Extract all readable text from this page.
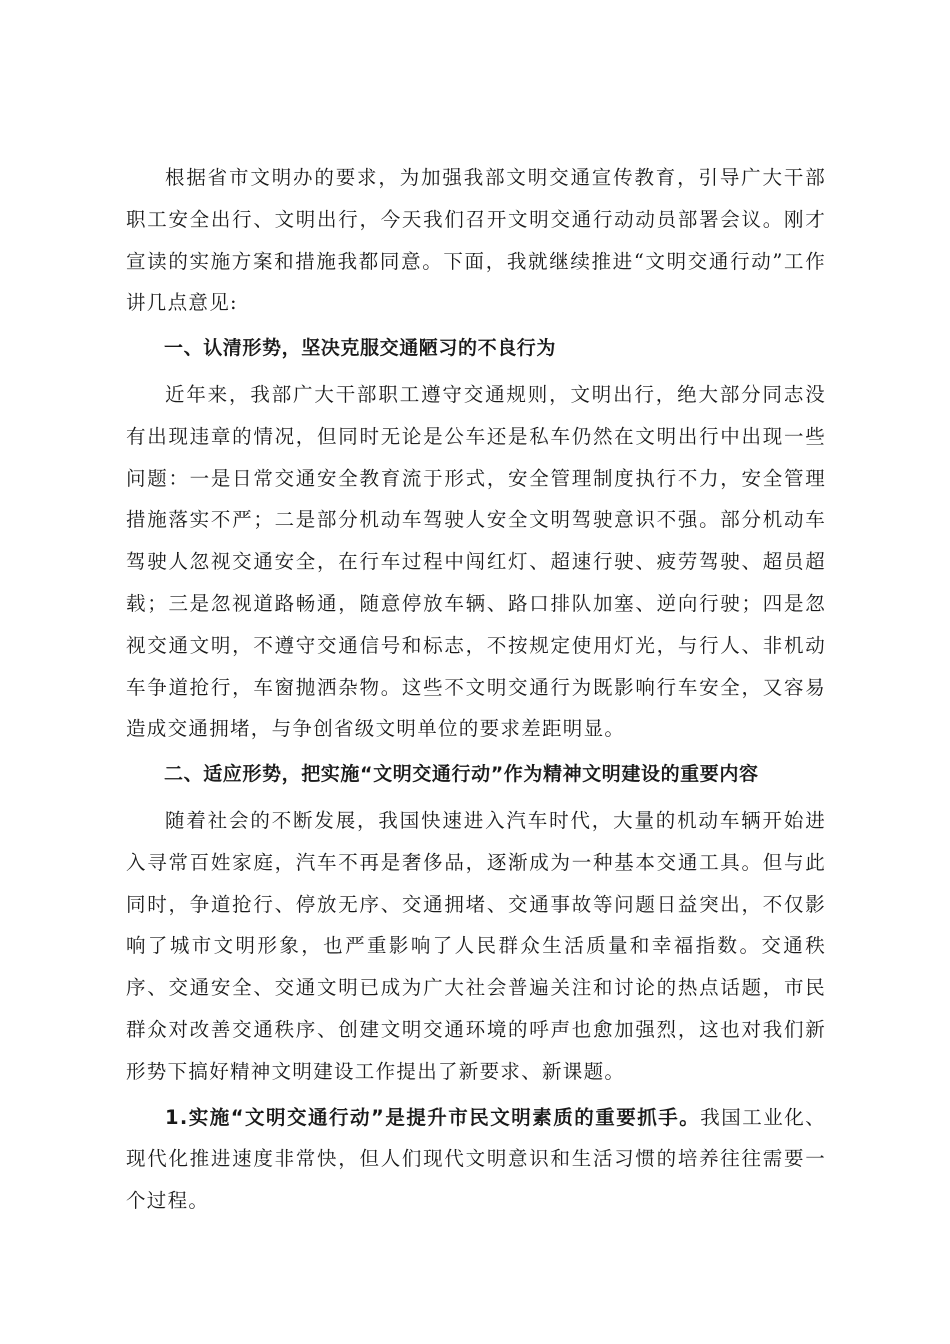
根据省市文明办的要求，为加强我部文明交通宣传教育，引导广大干部职工安全出行、文明出行，今天我们召开文明交通行动动员部署会议。刚才宣读的实施方案和措施我都同意。下面，我就继续推进“文明交通行动”工作讲几点意见:

一、认清形势，坚决克服交通陋习的不良行为

近年来，我部广大干部职工遵守交通规则，文明出行，绝大部分同志没有出现违章的情况，但同时无论是公车还是私车仍然在文明出行中出现一些问题：一是日常交通安全教育流于形式，安全管理制度执行不力，安全管理措施落实不严；二是部分机动车驾驶人安全文明驾驶意识不强。部分机动车驾驶人忽视交通安全，在行车过程中闯红灯、超速行驶、疲劳驾驶、超员超载；三是忽视道路畅通，随意停放车辆、路口排队加塞、逆向行驶；四是忽视交通文明，不遵守交通信号和标志，不按规定使用灯光，与行人、非机动车争道抢行，车窗抛洒杂物。这些不文明交通行为既影响行车安全，又容易造成交通拥堵，与争创省级文明单位的要求差距明显。

二、适应形势，把实施“文明交通行动”作为精神文明建设的重要内容

随着社会的不断发展，我国快速进入汽车时代，大量的机动车辆开始进入寻常百姓家庭，汽车不再是奢侈品，逐渐成为一种基本交通工具。但与此同时，争道抢行、停放无序、交通拥堵、交通事故等问题日益突出，不仅影响了城市文明形象，也严重影响了人民群众生活质量和幸福指数。交通秩序、交通安全、交通文明已成为广大社会普遍关注和讨论的热点话题，市民群众对改善交通秩序、创建文明交通环境的呼声也愈加强烈，这也对我们新形势下搞好精神文明建设工作提出了新要求、新课题。

1.实施“文明交通行动”是提升市民文明素质的重要抓手。我国工业化、现代化推进速度非常快，但人们现代文明意识和生活习惯的培养往往需要一个过程。
